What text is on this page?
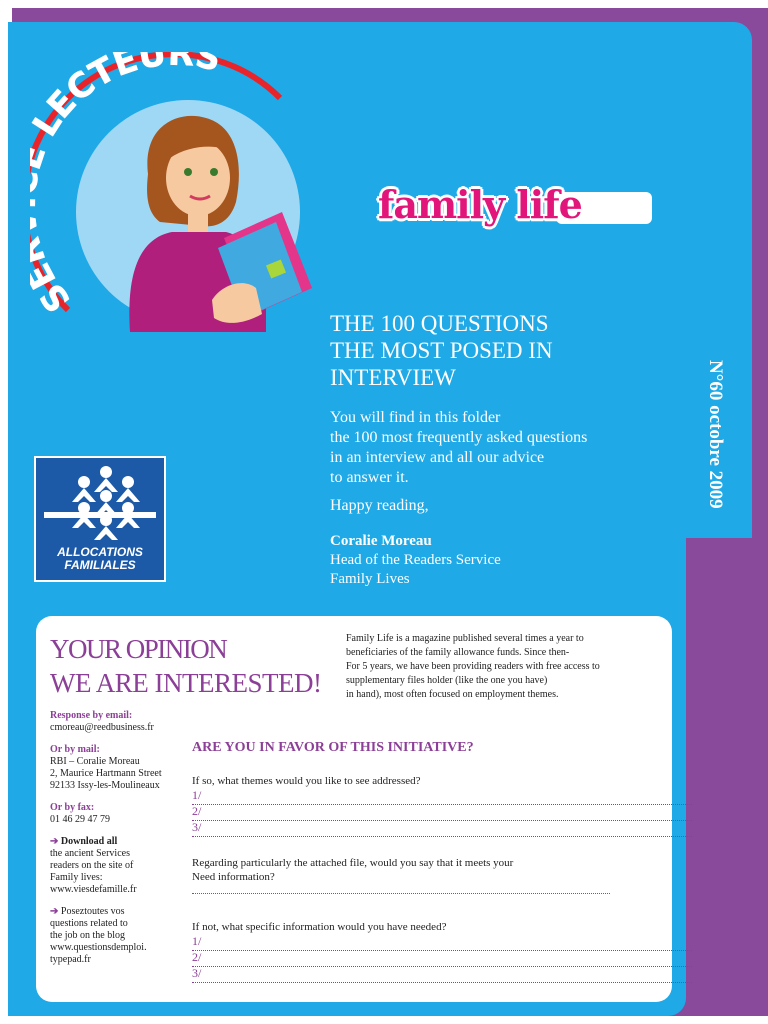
S ECTEURS
family life
THE 100 QUESTIONS
THE MOST POSED IN
INTERVIEW

You will find in this folder

the 100 most frequently asked questions

in an interview and all our advice

to answer it.

Happy reading,
Coralie Moreau
Head of the Readers Service
Family Lives
N°60 octobre 2009
ALLOCATIONS
FAMILIALES
YOUR OPINION
WE ARE INTERESTED!
Family Life is a magazine published several times a year to
beneficiaries of the family allowance funds. Since then-
For 5 years, we have been providing readers with free access to
supplementary files holder (like the one you have)
in hand), most often focused on employment themes.
Response by email:
cmoreau@reedbusiness.fr
Or by mail:
RBI – Coralie Moreau
2, Maurice Hartmann Street
92133 Issy-les-Moulineaux
Or by fax:
01 46 29 47 79
➔ Download all
the ancient Services
readers on the site of
Family lives:
www.viesdefamille.fr
➔ Poseztoutes vos
questions related to
the job on the blog
www.questionsdemploi.
typepad.fr
ARE YOU IN FAVOR OF THIS INITIATIVE?
If so, what themes would you like to see addressed?
1/
2/
3/
Regarding particularly the attached file, would you say that it meets your
Need information?
If not, what specific information would you have needed?
1/
2/
3/
